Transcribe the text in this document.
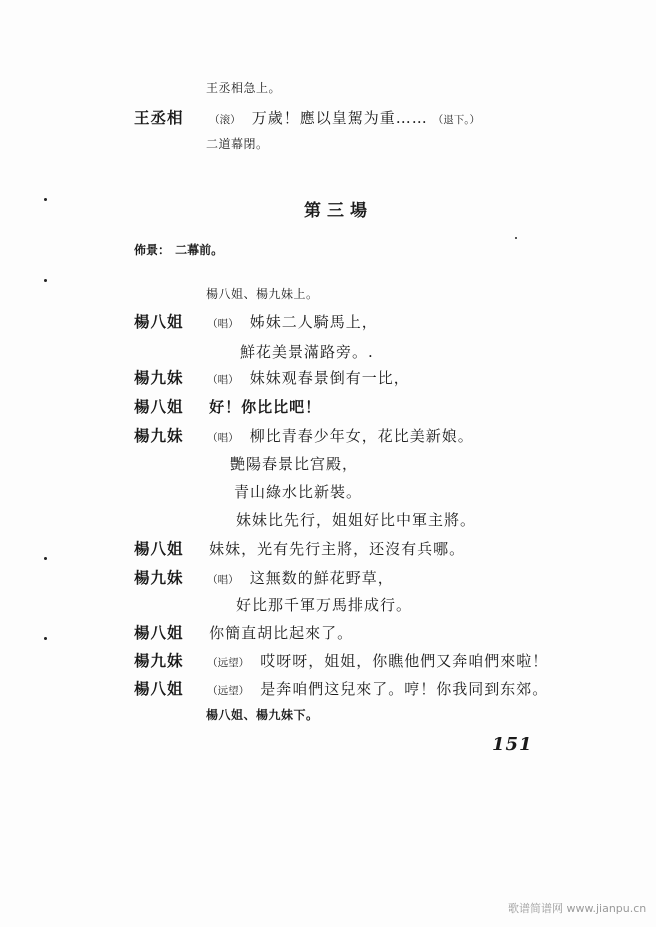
王丞相急上。
王丞相 （滚） 万歲！應以皇駕为重…… （退下。）
二道幕閉。
第三場
佈景： 二幕前。
楊八姐、楊九妹上。
楊八姐 （唱） 姊妹二人騎馬上，
鮮花美景滿路旁。.
楊九妹 （唱） 妹妹观春景倒有一比，
楊八姐 好！你比比吧！
楊九妹 （唱） 柳比青春少年女，花比美新娘。
艷陽春景比宫殿，
青山綠水比新裝。
妹妹比先行，姐姐好比中軍主將。
楊八姐 妹妹，光有先行主將，还沒有兵哪。
楊九妹 （唱） 这無数的鮮花野草，
好比那千軍万馬排成行。
楊八姐 你簡直胡比起來了。
楊九妹 （远望） 哎呀呀，姐姐，你瞧他們又奔咱們來啦！
楊八姐 （远望） 是奔咱們这兒來了。哼！你我同到东郊。
楊八姐、楊九妹下。
151
歌谱简谱网 www.jianpu.cn
